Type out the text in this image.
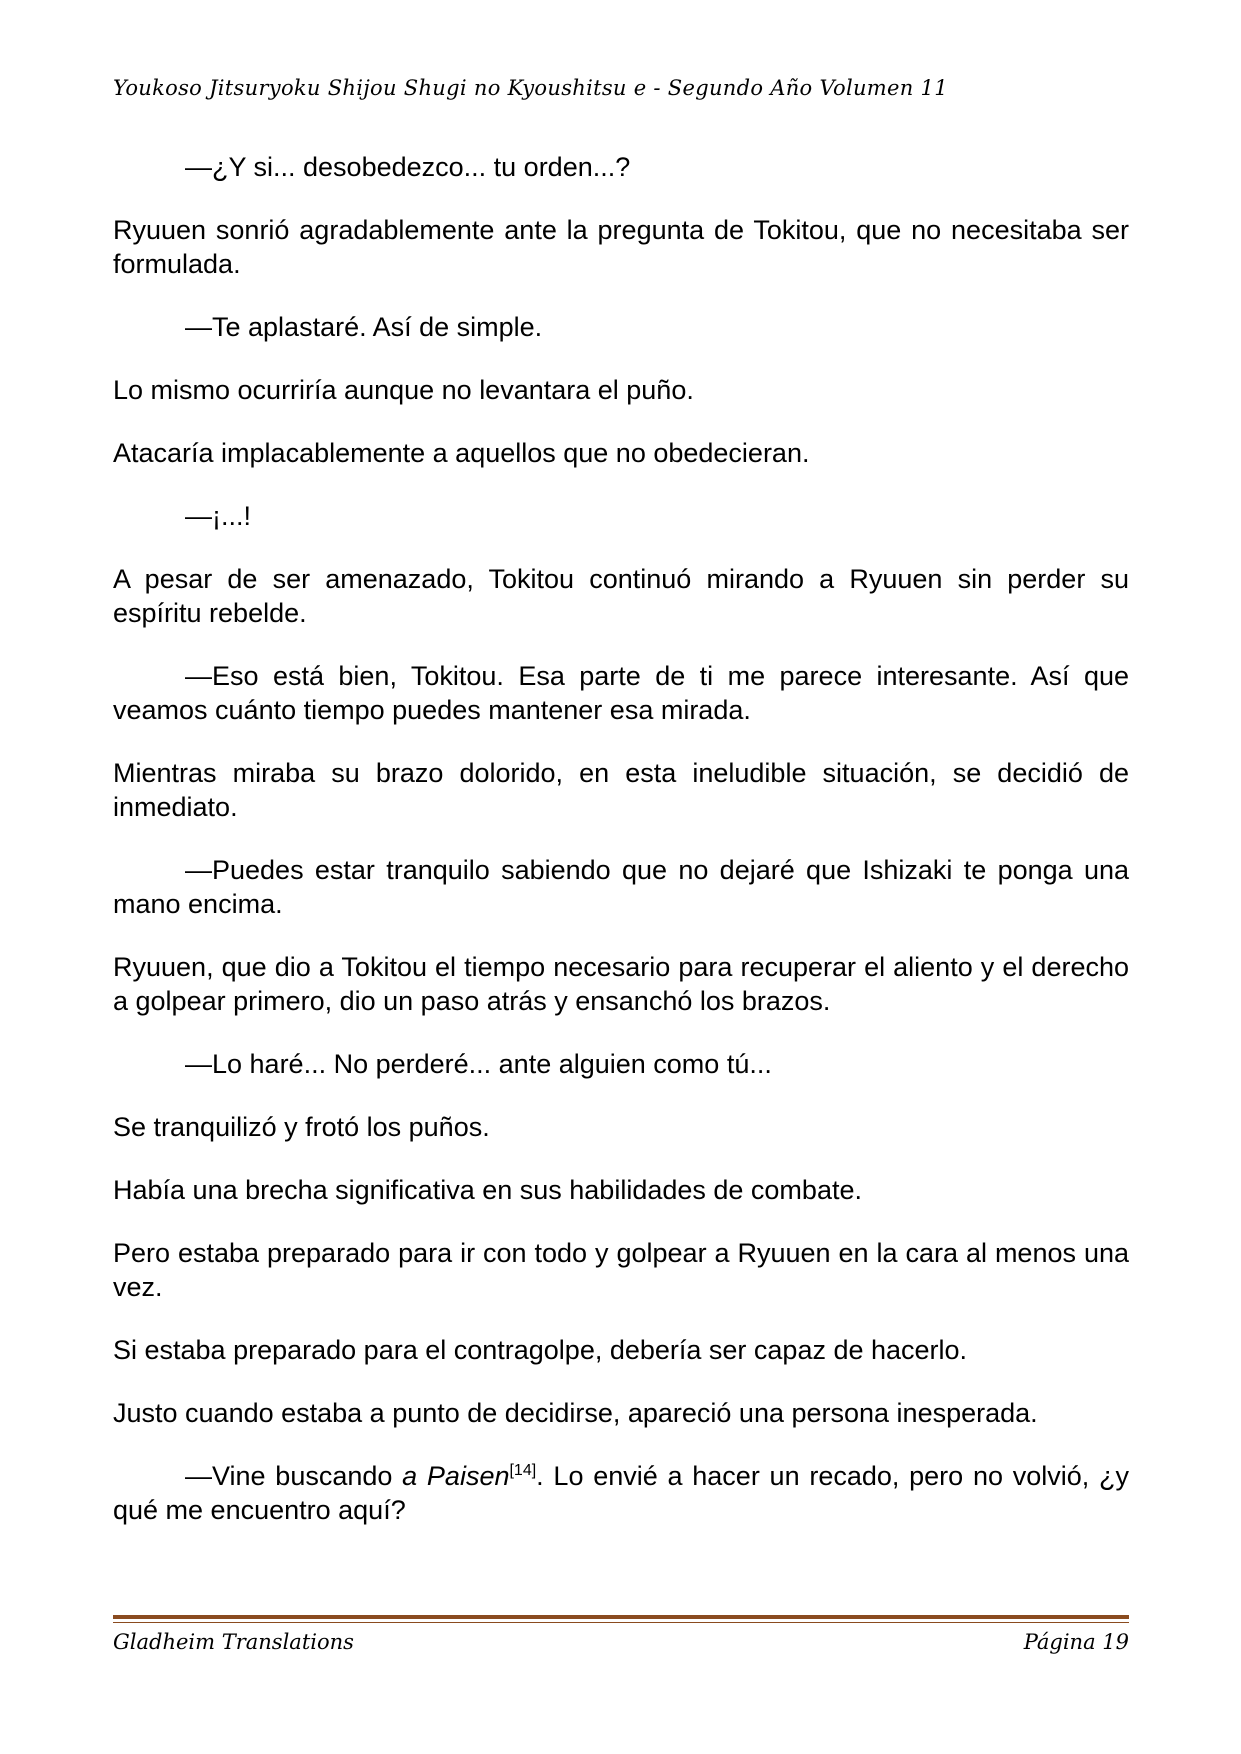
Youkoso Jitsuryoku Shijou Shugi no Kyoushitsu e - Segundo Año Volumen 11

—¿Y si... desobedezco... tu orden...?

Ryuuen sonrió agradablemente ante la pregunta de Tokitou, que no necesitaba ser formulada.

—Te aplastaré. Así de simple.

Lo mismo ocurriría aunque no levantara el puño.

Atacaría implacablemente a aquellos que no obedecieran.

—¡...!

A pesar de ser amenazado, Tokitou continuó mirando a Ryuuen sin perder su espíritu rebelde.

—Eso está bien, Tokitou. Esa parte de ti me parece interesante. Así que veamos cuánto tiempo puedes mantener esa mirada.

Mientras miraba su brazo dolorido, en esta ineludible situación, se decidió de inmediato.

—Puedes estar tranquilo sabiendo que no dejaré que Ishizaki te ponga una mano encima.

Ryuuen, que dio a Tokitou el tiempo necesario para recuperar el aliento y el derecho a golpear primero, dio un paso atrás y ensanchó los brazos.

—Lo haré... No perderé... ante alguien como tú...

Se tranquilizó y frotó los puños.

Había una brecha significativa en sus habilidades de combate.

Pero estaba preparado para ir con todo y golpear a Ryuuen en la cara al menos una vez.

Si estaba preparado para el contragolpe, debería ser capaz de hacerlo.

Justo cuando estaba a punto de decidirse, apareció una persona inesperada.

—Vine buscando a Paisen[14]. Lo envié a hacer un recado, pero no volvió, ¿y qué me encuentro aquí?

Gladheim Translations	Página 19
